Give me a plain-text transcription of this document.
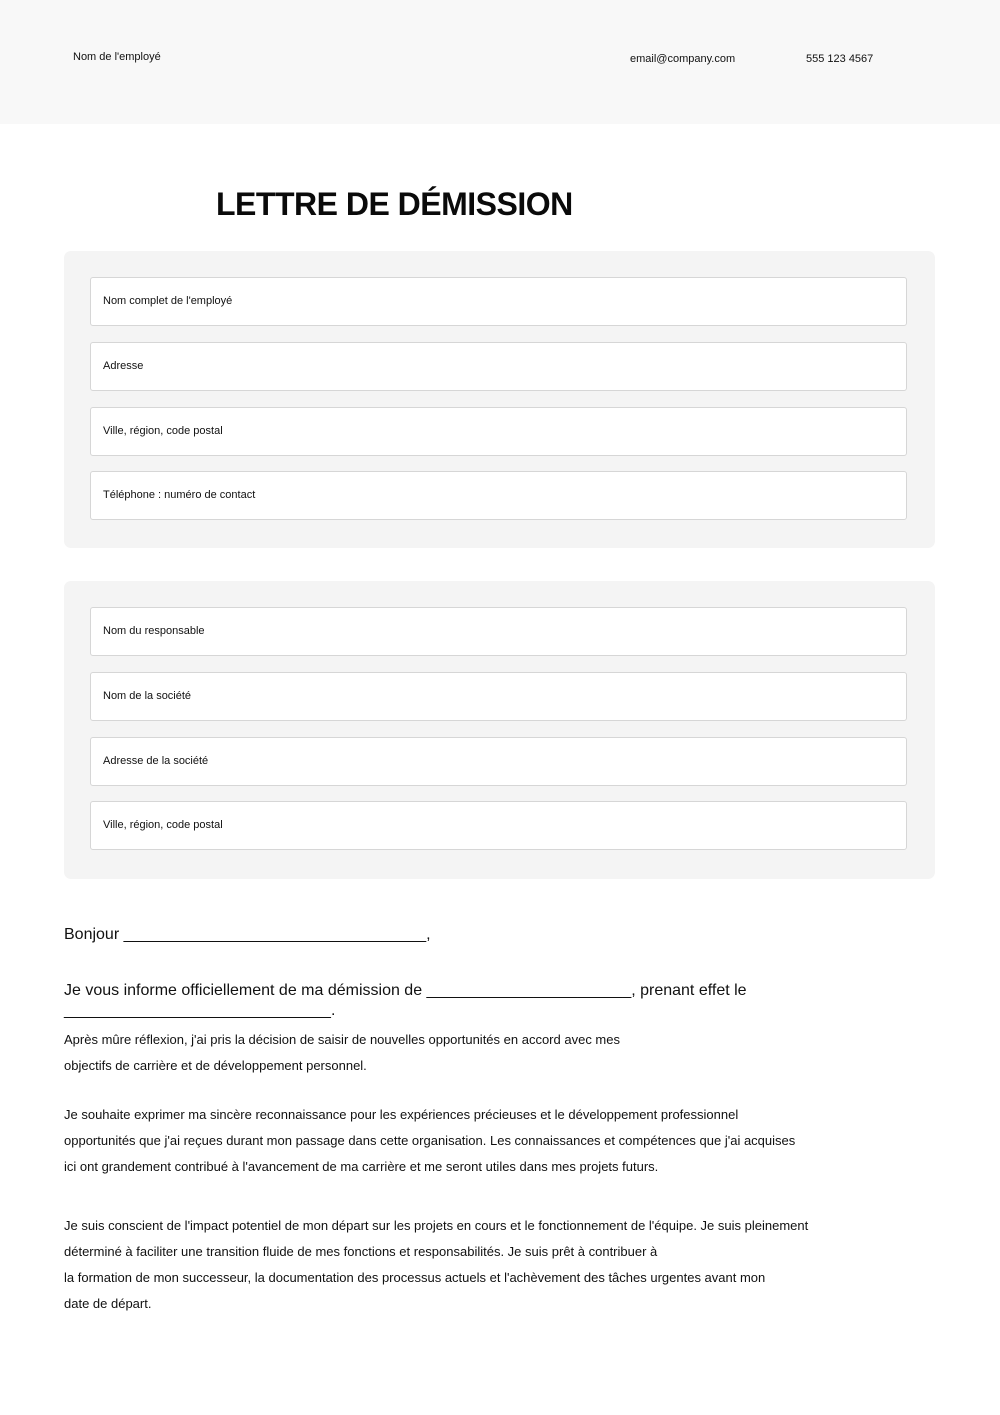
Nom de l'employé	email@company.com	555 123 4567
LETTRE DE DÉMISSION
Nom complet de l'employé
Adresse
Ville, région, code postal
Téléphone : numéro de contact
Nom du responsable
Nom de la société
Adresse de la société
Ville, région, code postal
Bonjour __________________________________,
Je vous informe officiellement de ma démission de _______________________, prenant effet le ______________________________.
Après mûre réflexion, j'ai pris la décision de saisir de nouvelles opportunités en accord avec mes
objectifs de carrière et de développement personnel.
Je souhaite exprimer ma sincère reconnaissance pour les expériences précieuses et le développement professionnel
opportunités que j'ai reçues durant mon passage dans cette organisation. Les connaissances et compétences que j'ai acquises
ici ont grandement contribué à l'avancement de ma carrière et me seront utiles dans mes projets futurs.
Je suis conscient de l'impact potentiel de mon départ sur les projets en cours et le fonctionnement de l'équipe. Je suis pleinement
déterminé à faciliter une transition fluide de mes fonctions et responsabilités. Je suis prêt à contribuer à
la formation de mon successeur, la documentation des processus actuels et l'achèvement des tâches urgentes avant mon
date de départ.
